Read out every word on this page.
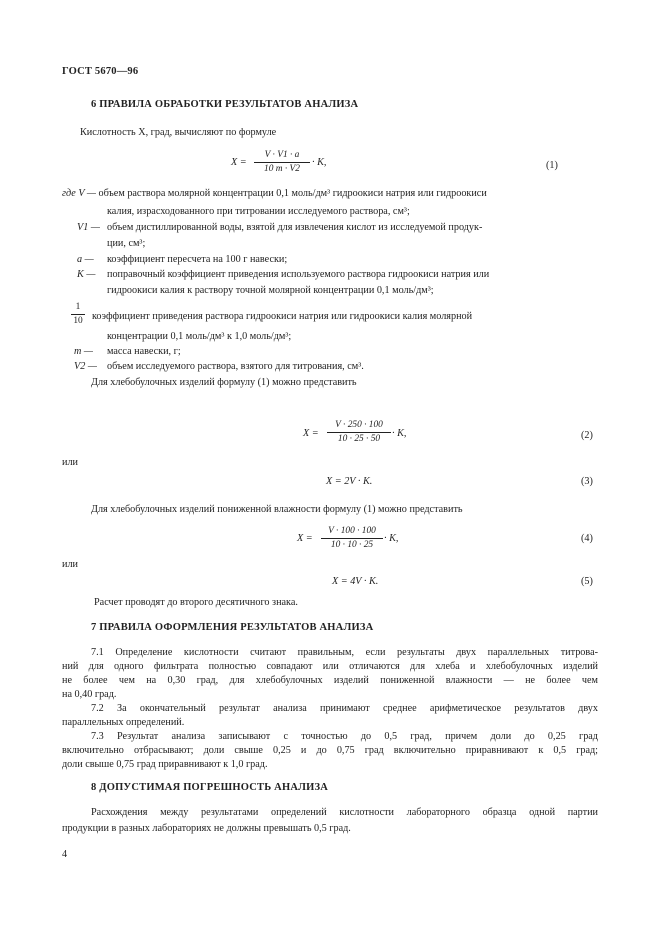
ГОСТ 5670—96
6 ПРАВИЛА ОБРАБОТКИ РЕЗУЛЬТАТОВ АНАЛИЗА
Кислотность X, град, вычисляют по формуле
X =
V · V1 · a
10 m · V2
· K,	(1)
где V — объем раствора молярной концентрации 0,1 моль/дм³ гидроокиси натрия или гидроокиси
калия, израсходованного при титровании исследуемого раствора, см³;
V1 — объем дистиллированной воды, взятой для извлечения кислот из исследуемой продук-
ции, см³;
a — коэффициент пересчета на 100 г навески;
K — поправочный коэффициент приведения используемого раствора гидроокиси натрия или
гидроокиси калия к раствору точной молярной концентрации 0,1 моль/дм³;
1
10 коэффициент приведения раствора гидроокиси натрия или гидроокиси калия молярной
концентрации 0,1 моль/дм³ к 1,0 моль/дм³;
m — масса навески, г;
V2 — объем исследуемого раствора, взятого для титрования, см³.
Для хлебобулочных изделий формулу (1) можно представить
X =
V · 250 · 100
10 · 25 · 50 · K,	(2)
или
X = 2V · K.	(3)
Для хлебобулочных изделий пониженной влажности формулу (1) можно представить
X =
V · 100 · 100
10 · 10 · 25
· K,	(4)
или
X = 4V · K.	(5)
Расчет проводят до второго десятичного знака.
7 ПРАВИЛА ОФОРМЛЕНИЯ РЕЗУЛЬТАТОВ АНАЛИЗА
7.1 Определение кислотности считают правильным, если результаты двух параллельных титрова-
ний для одного фильтрата полностью совпадают или отличаются для хлеба и хлебобулочных изделий
не более чем на 0,30 град, для хлебобулочных изделий пониженной влажности — не более чем
на 0,40 град.
7.2 За окончательный результат анализа принимают среднее арифметическое результатов двух
параллельных определений.
7.3 Результат анализа записывают с точностью до 0,5 град, причем доли до 0,25 град
включительно отбрасывают; доли свыше 0,25 и до 0,75 град включительно приравнивают к 0,5 град;
доли свыше 0,75 град приравнивают к 1,0 град.
8 ДОПУСТИМАЯ ПОГРЕШНОСТЬ АНАЛИЗА
Расхождения между результатами определений кислотности лабораторного образца одной партии
продукции в разных лабораториях не должны превышать 0,5 град.
4
